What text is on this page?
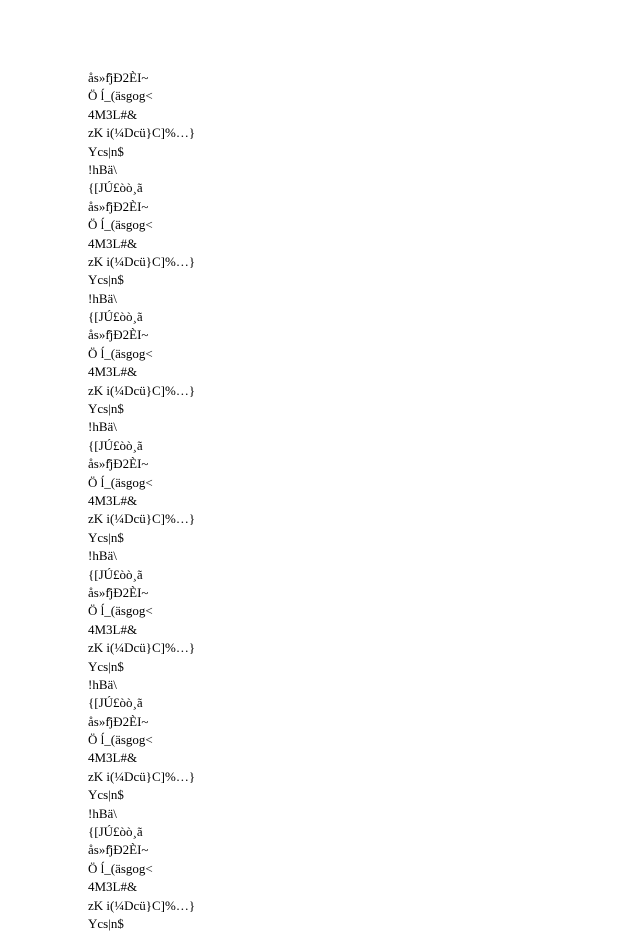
ås»f̊jÐ2ÈI~
Ö ĺ_(äsgog<
4M3L#&
zK i(¼Dcü}C]%…}
Ycs|n$
!hBä\
{[JÚ£òò¸ã
ås»f̊jÐ2ÈI~
Ö ĺ_(äsgog<
4M3L#&
zK i(¼Dcü}C]%…}
Ycs|n$
!hBä\
{[JÚ£òò¸ã
ås»f̊jÐ2ÈI~
Ö ĺ_(äsgog<
4M3L#&
zK i(¼Dcü}C]%…}
Ycs|n$
!hBä\
{[JÚ£òò¸ã
ås»f̊jÐ2ÈI~
Ö ĺ_(äsgog<
4M3L#&
zK i(¼Dcü}C]%…}
Ycs|n$
!hBä\
{[JÚ£òò¸ã
ås»f̊jÐ2ÈI~
Ö ĺ_(äsgog<
4M3L#&
zK i(¼Dcü}C]%…}
Ycs|n$
!hBä\
{[JÚ£òò¸ã
ås»f̊jÐ2ÈI~
Ö ĺ_(äsgog<
4M3L#&
zK i(¼Dcü}C]%…}
Ycs|n$
!hBä\
{[JÚ£òò¸ã
ås»f̊jÐ2ÈI~
Ö ĺ_(äsgog<
4M3L#&
zK i(¼Dcü}C]%…}
Ycs|n$
